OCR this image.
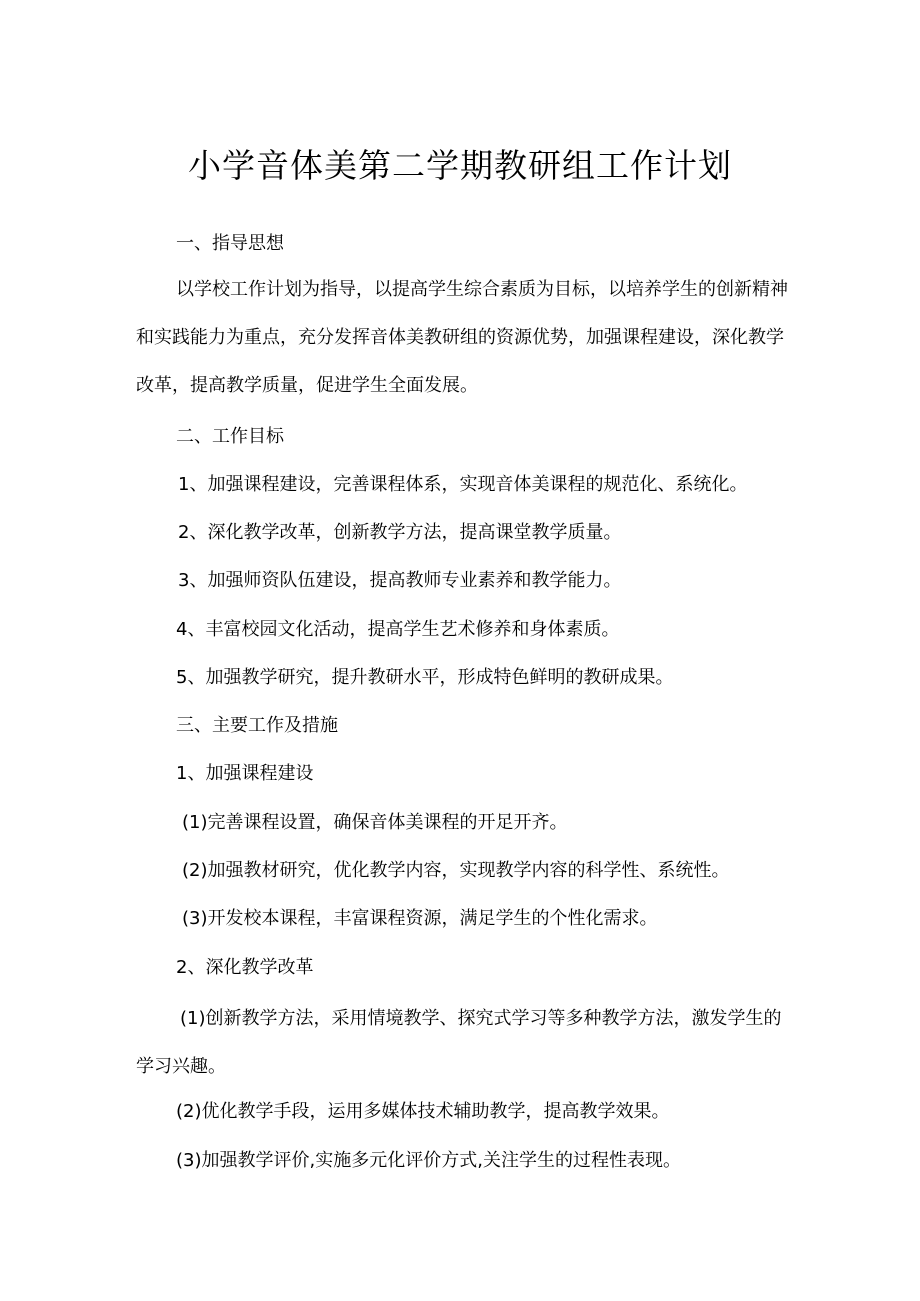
小学音体美第二学期教研组工作计划

一、指导思想

以学校工作计划为指导，以提高学生综合素质为目标，以培养学生的创新精神和实践能力为重点，充分发挥音体美教研组的资源优势，加强课程建设，深化教学改革，提高教学质量，促进学生全面发展。

二、工作目标

1、加强课程建设，完善课程体系，实现音体美课程的规范化、系统化。

2、深化教学改革，创新教学方法，提高课堂教学质量。

3、加强师资队伍建设，提高教师专业素养和教学能力。

4、丰富校园文化活动，提高学生艺术修养和身体素质。

5、加强教学研究，提升教研水平，形成特色鲜明的教研成果。

三、主要工作及措施

1、加强课程建设

(1)完善课程设置，确保音体美课程的开足开齐。

(2)加强教材研究，优化教学内容，实现教学内容的科学性、系统性。

(3)开发校本课程，丰富课程资源，满足学生的个性化需求。

2、深化教学改革

(1)创新教学方法，采用情境教学、探究式学习等多种教学方法，激发学生的学习兴趣。

(2)优化教学手段，运用多媒体技术辅助教学，提高教学效果。

(3)加强教学评价,实施多元化评价方式,关注学生的过程性表现。
